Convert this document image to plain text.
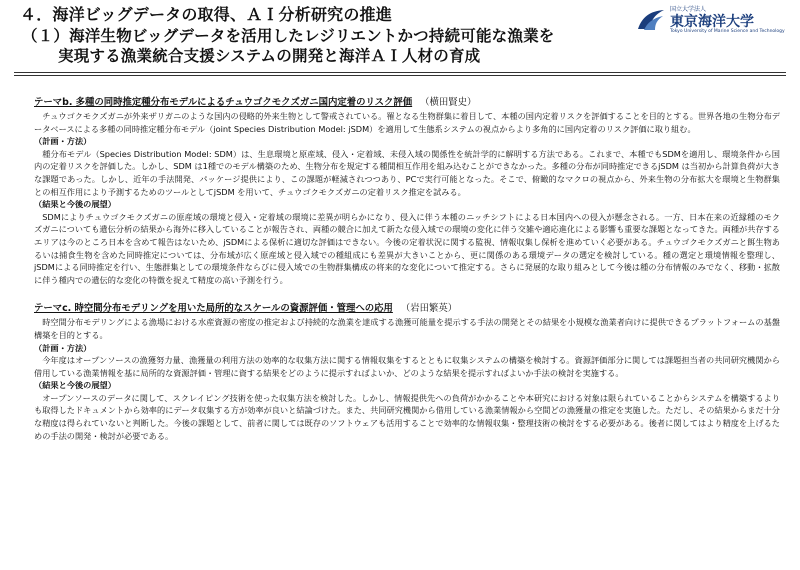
４．海洋ビッグデータの取得、ＡＩ分析研究の推進
（１）海洋生物ビッグデータを活用したレジリエントかつ持続可能な漁業を
実現する漁業統合支援システムの開発と海洋ＡＩ人材の育成
国立大学法人
東京海洋大学
Tokyo University of Marine Science and Technology
テーマb. 多種の同時推定種分布モデルによるチュウゴクモクズガニ国内定着のリスク評価 （横田賢史）

チュウゴクモクズガニが外来ザリガニのような国内の侵略的外来生物として警戒されている。罹となる生物群集に着目して、本種の国内定着リスクを評価することを目的とする。世界各地の生物分布データベースによる多種の同時推定種分布モデル（joint Species Distribution Model: jSDM）を適用して生態系システムの視点からより多角的に国内定着のリスク評価に取り組む。

（計画・方法）

種分布モデル（Species Distribution Model: SDM）は、生息環境と原産域、侵入・定着域、未侵入域の関係性を統計学的に解明する方法である。これまで、本種でもSDMを適用し、環境条件から国内の定着リスクを評価した。しかし、SDM は1種でのモデル構築のため、生物分布を規定する種間相互作用を組み込むことができなかった。多種の分布が同時推定できるjSDM は当初から計算負荷が大きな課題であった。しかし、近年の手法開発、パッケージ提供により、この課題が軽減されつつあり、PCで実行可能となった。そこで、俯瞰的なマクロの視点から、外来生物の分布拡大を環境と生物群集との相互作用により予測するためのツールとしてjSDM を用いて、チュウゴクモクズガニの定着リスク推定を試みる。

（結果と今後の展望）

SDMによりチュウゴクモクズガニの原産域の環境と侵入・定着域の環境に差異が明らかになり、侵入に伴う本種のニッチシフトによる日本国内への侵入が懸念される。一方、日本在来の近縁種のモクズガニについても遺伝分析の結果から海外に移入していることが報告され、両種の競合に加えて新たな侵入域での環境の変化に伴う交雑や適応進化による影響も重要な課題となってきた。両種が共存するエリアは今のところ日本を含めて報告はないため、jSDMによる保析に適切な評価はできない。今後の定着状況に関する監視、情報収集し保析を進めていく必要がある。チュウゴクモクズガニと餌生物あるいは捕食生物を含めた同時推定については、分布域が広く原産域と侵入域での種組成にも差異が大きいことから、更に関係のある環境データの選定を検討している。種の選定と環境情報を整理し、jSDMによる同時推定を行い、生態群集としての環境条件ならびに侵入域での生物群集構成の将来的な変化について推定する。さらに発展的な取り組みとして今後は種の分布情報のみでなく、移動・拡散に伴う種内での遺伝的な変化の特徴を捉えて精度の高い予測を行う。

テーマc. 時空間分布モデリングを用いた局所的なスケールの資源評価・管理への応用 （岩田繁英）

時空間分布モデリングによる漁場における水産資源の密度の推定および持続的な漁業を達成する漁獲可能量を提示する手法の開発とその結果を小規模な漁業者向けに提供できるプラットフォームの基盤構築を目的とする。

（計画・方法）

今年度はオープンソースの漁獲努力量、漁獲量の利用方法の効率的な収集方法に関する情報収集をするとともに収集システムの構築を検討する。資源評価部分に関しては課題担当者の共同研究機関から借用している漁業情報を基に局所的な資源評価・管理に資する結果をどのように提示すればよいか、どのような結果を提示すればよいか手法の検討を実施する。

（結果と今後の展望）

オープンソースのデータに関して、スクレイピング技術を使った収集方法を検討した。しかし、情報提供先への負荷がかかることや本研究における対象は限られていることからシステムを構築するよりも取得したドキュメントから効率的にデータ収集する方が効率が良いと結論づけた。また、共同研究機関から借用している漁業情報から空間どの漁獲量の推定を実施した。ただし、その結果からまだ十分な精度は得られていないと判断した。今後の課題として、前者に関しては既存のソフトウェアも活用することで効率的な情報収集・整理技術の検討をする必要がある。後者に関してはより精度を上げるための手法の開発・検討が必要である。
